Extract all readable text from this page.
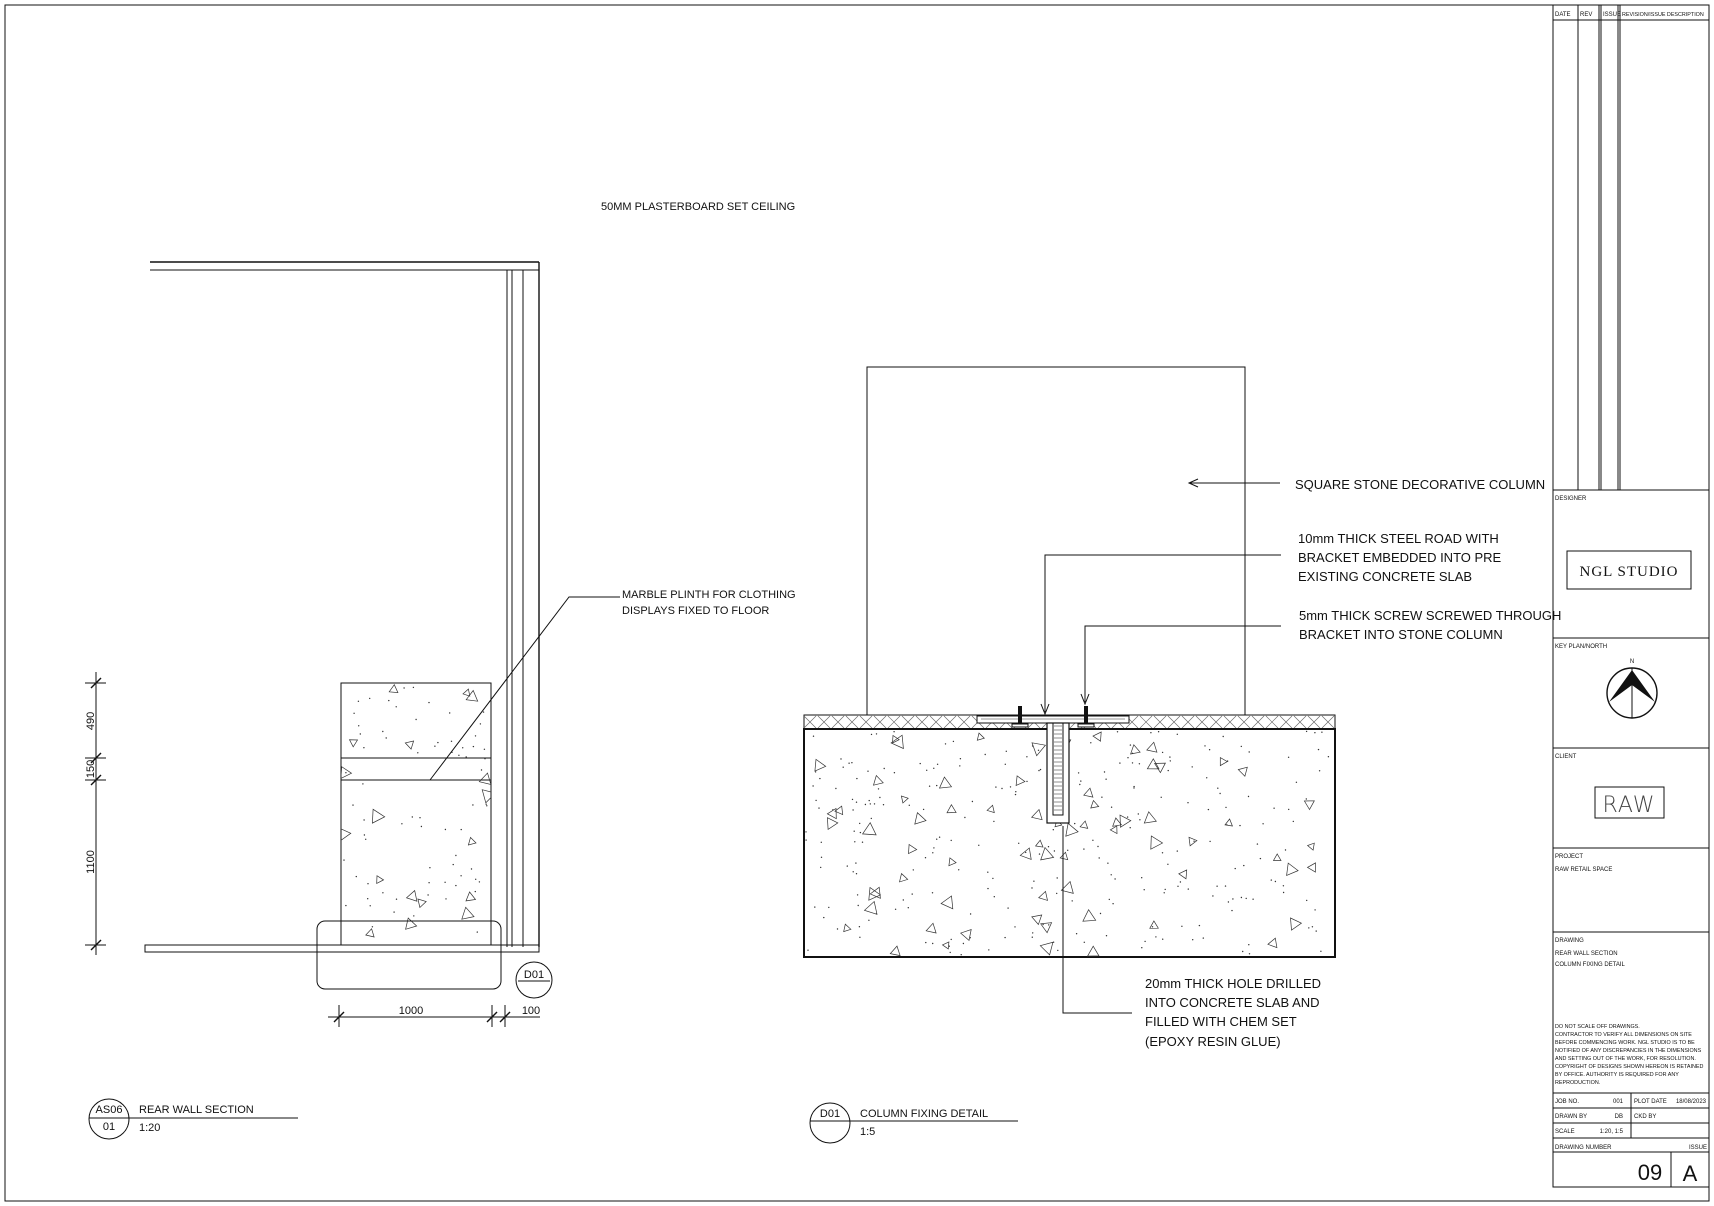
D01
MARBLE PLINTH FOR CLOTHING
DISPLAYS FIXED TO FLOOR
50MM PLASTERBOARD SET CEILING
490
150
1100
1000	100
AS06
01
REAR WALL SECTION
1:20
SQUARE STONE DECORATIVE COLUMN
10mm THICK STEEL ROAD WITH
BRACKET EMBEDDED INTO PRE
EXISTING CONCRETE SLAB
5mm THICK SCREW SCREWED THROUGH
BRACKET INTO STONE COLUMN
20mm THICK HOLE DRILLED
INTO CONCRETE SLAB AND
FILLED WITH CHEM SET
(EPOXY RESIN GLUE)
D01 COLUMN FIXING DETAIL
1:5
DATE REV ISSUE REVISION/ISSUE DESCRIPTION
DESIGNER
NGL STUDIO
KEY PLAN/NORTH
N
CLIENT
RAW
PROJECT
RAW RETAIL SPACE
DRAWING
REAR WALL SECTION
COLUMN FIXING DETAIL
DO NOT SCALE OFF DRAWINGS.
CONTRACTOR TO VERIFY ALL DIMENSIONS ON SITE
BEFORE COMMENCING WORK. NGL STUDIO IS TO BE
NOTIFIED OF ANY DISCREPANCIES IN THE DIMENSIONS
AND SETTING OUT OF THE WORK, FOR RESOLUTION.
COPYRIGHT OF DESIGNS SHOWN HEREON IS RETAINED
BY OFFICE. AUTHORITY IS REQUIRED FOR ANY
REPRODUCTION.
JOB NO.	001 PLOT DATE 18/08/2023
DRAWN BY	DB CKD BY
SCALE	1:20, 1:5
DRAWING NUMBER	ISSUE
09 A
